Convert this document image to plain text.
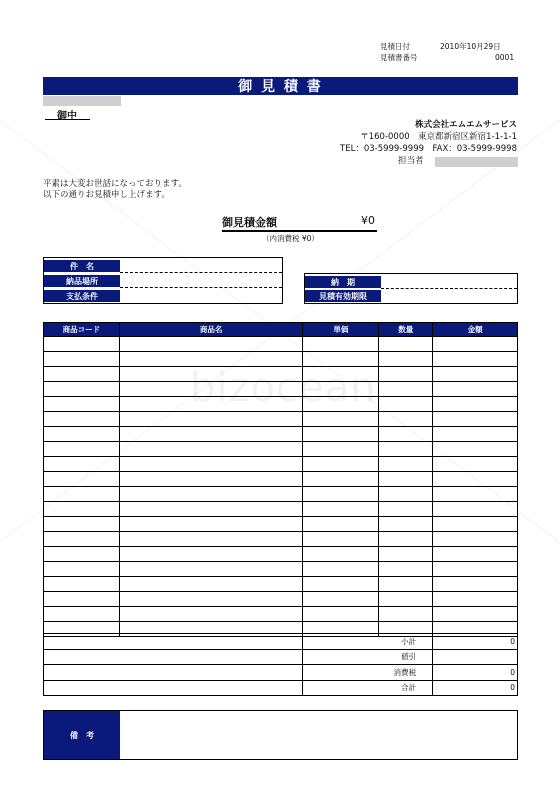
見積日付	2010年10月29日
見積書番号	0001
御 見 積 書
御中
株式会社エムエムサービス
〒160-0000　東京都新宿区新宿1-1-1-1
TEL：03-5999-9999　FAX：03-5999-9998
担当者
平素は大変お世話になっております。
以下の通りお見積申し上げます。
御見積金額	¥0
（内消費税 ¥0）
件　名
納品場所
支払条件
納　期
見積有効期限
商品コード	商品名	単価	数量	金額

	小計	0
	値引	
	消費税	0
	合計	0
備　考
bizocean
